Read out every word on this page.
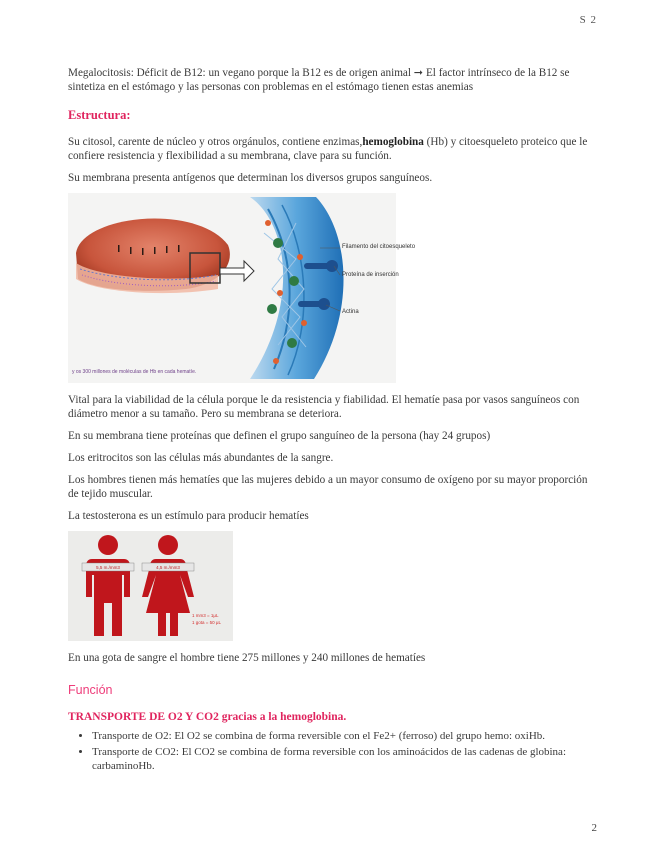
S 2

Megalocitosis: Déficit de B12: un vegano porque la B12 es de origen animal ➞ El factor intrínseco de la B12 se sintetiza en el estómago y las personas con problemas en el estómago tienen estas anemias

Estructura:

Su citosol, carente de núcleo y otros orgánulos, contiene enzimas,hemoglobina (Hb) y citoesqueleto proteico que le confiere resistencia y flexibilidad a su membrana, clave para su función.

Su membrana presenta antígenos que determinan los diversos grupos sanguíneos.

Filamento del citoesqueleto
Proteína de inserción
Actina
y os 300 millones de moléculas de Hb en cada hematíe.

Vital para la viabilidad de la célula porque le da resistencia y fiabilidad. El hematíe pasa por vasos sanguíneos con diámetro menor a su tamaño. Pero su membrana se deteriora.

En su membrana tiene proteínas que definen el grupo sanguíneo de la persona (hay 24 grupos)

Los eritrocitos son las células más abundantes de la sangre.

Los hombres tienen más hematíes que las mujeres debido a un mayor consumo de oxígeno por su mayor proporción de tejido muscular.

La testosterona es un estímulo para producir hematíes

5,5 m./mm3	4,5 m./mm3
1 mm3 = 1μL
1 gota = 50 μL

En una gota de sangre el hombre tiene 275 millones y 240 millones de hematíes

Función
TRANSPORTE DE O2 Y CO2 gracias a la hemoglobina.
• Transporte de O2: El O2 se combina de forma reversible con el Fe2+ (ferroso) del grupo hemo: oxiHb.
• Transporte de CO2: El CO2 se combina de forma reversible con los aminoácidos de las cadenas de globina: carbaminoHb.
2
